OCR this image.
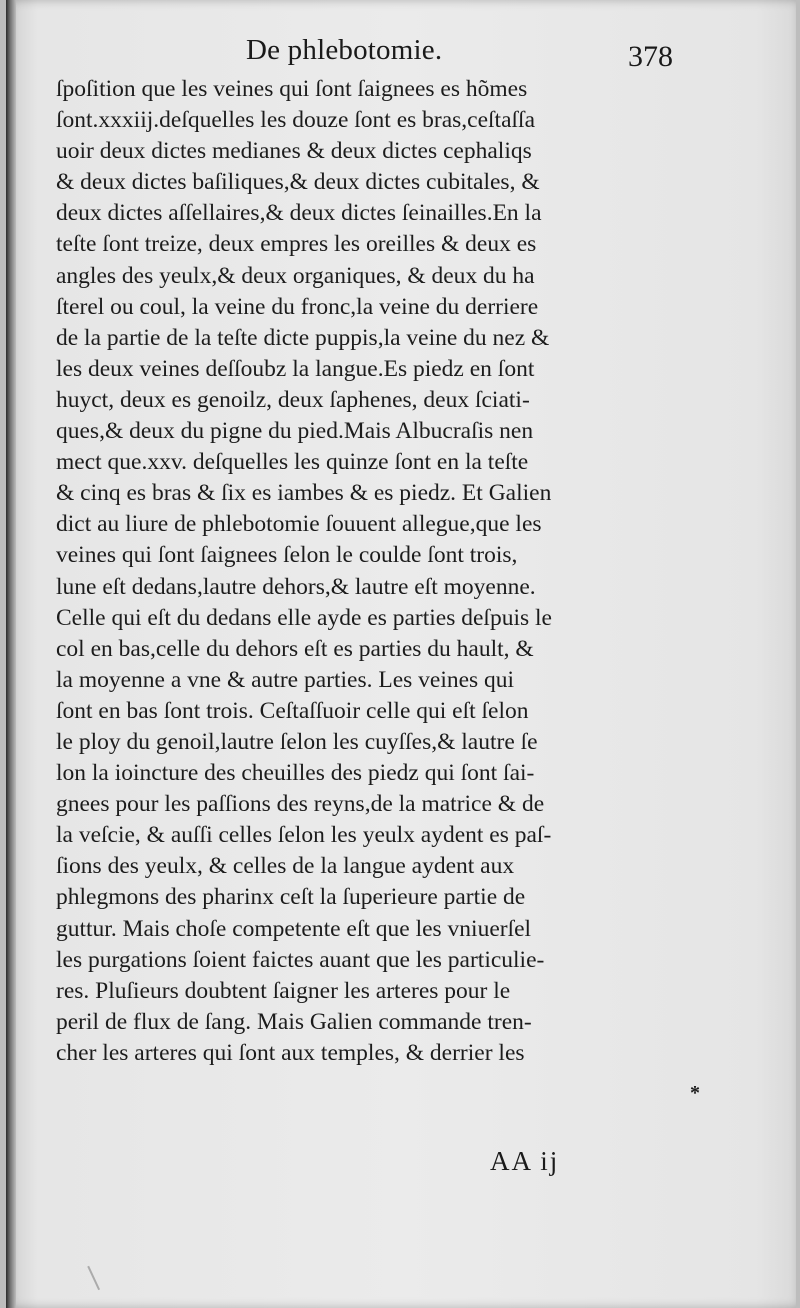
De phlebotomie.	378
ſpoſition que les veines qui ſont ſaignees es hõmes
ſont.xxxiij.deſquelles les douze ſont es bras,ceſtaſſa
uoir deux dictes medianes & deux dictes cephaliqs
& deux dictes baſiliques,& deux dictes cubitales, &
deux dictes aſſellaires,& deux dictes ſeinailles.En la
teſte ſont treize, deux empres les oreilles & deux es
angles des yeulx,& deux organiques, & deux du ha
ſterel ou coul, la veine du fronc,la veine du derriere
de la partie de la teſte dicte puppis,la veine du nez &
les deux veines deſſoubz la langue.Es piedz en ſont
huyct, deux es genoilz, deux ſaphenes, deux ſciati-
ques,& deux du pigne du pied.Mais Albucraſis nen
mect que.xxv. deſquelles les quinze ſont en la teſte
& cinq es bras & ſix es iambes & es piedz. Et Galien
dict au liure de phlebotomie ſouuent allegue,que les
veines qui ſont ſaignees ſelon le coulde ſont trois,
lune eſt dedans,lautre dehors,& lautre eſt moyenne.
Celle qui eſt du dedans elle ayde es parties deſpuis le
col en bas,celle du dehors eſt es parties du hault, &
la moyenne a vne & autre parties. Les veines qui
ſont en bas ſont trois. Ceſtaſſuoir celle qui eſt ſelon
le ploy du genoil,lautre ſelon les cuyſſes,& lautre ſe
lon la ioincture des cheuilles des piedz qui ſont ſai-
gnees pour les paſſions des reyns,de la matrice & de
la veſcie, & auſſi celles ſelon les yeulx aydent es paſ-
ſions des yeulx, & celles de la langue aydent aux
phlegmons des pharinx ceſt la ſuperieure partie de
guttur. Mais choſe competente eſt que les vniuerſel
les purgations ſoient faictes auant que les particulie-
res. Pluſieurs doubtent ſaigner les arteres pour le
peril de flux de ſang. Mais Galien commande tren-
cher les arteres qui ſont aux temples, & derrier les
*
AA ij
